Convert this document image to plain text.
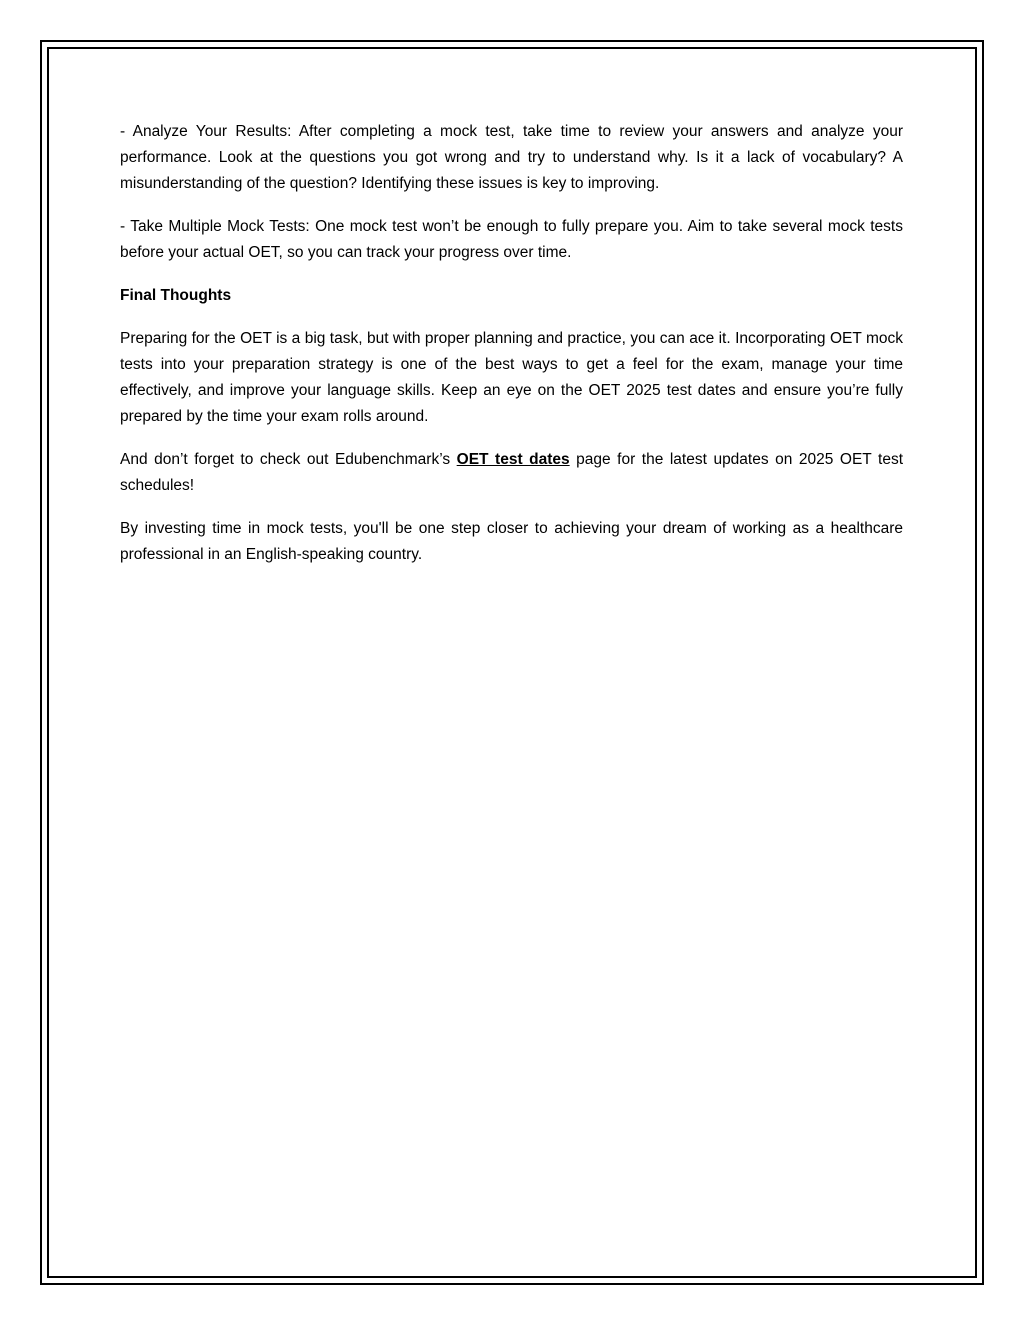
- Analyze Your Results: After completing a mock test, take time to review your answers and analyze your performance. Look at the questions you got wrong and try to understand why. Is it a lack of vocabulary? A misunderstanding of the question? Identifying these issues is key to improving.

- Take Multiple Mock Tests: One mock test won’t be enough to fully prepare you. Aim to take several mock tests before your actual OET, so you can track your progress over time.

Final Thoughts

Preparing for the OET is a big task, but with proper planning and practice, you can ace it. Incorporating OET mock tests into your preparation strategy is one of the best ways to get a feel for the exam, manage your time effectively, and improve your language skills. Keep an eye on the OET 2025 test dates and ensure you’re fully prepared by the time your exam rolls around.

And don’t forget to check out Edubenchmark’s OET test dates page for the latest updates on 2025 OET test schedules!

By investing time in mock tests, you'll be one step closer to achieving your dream of working as a healthcare professional in an English-speaking country.
